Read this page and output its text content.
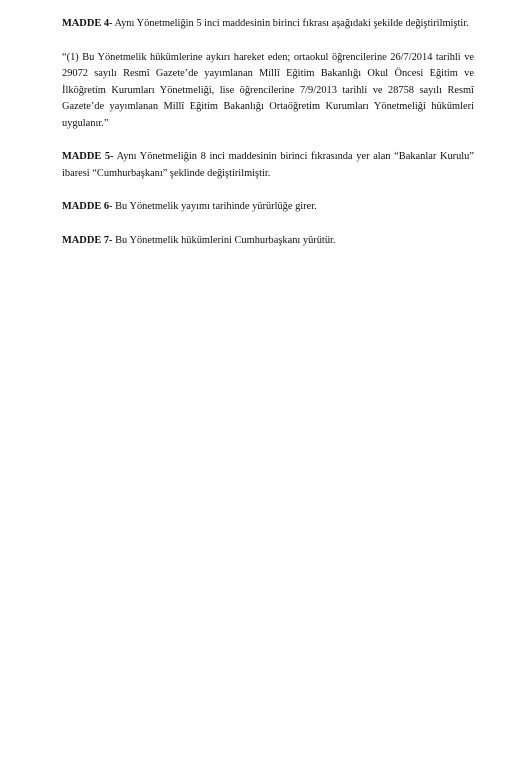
MADDE 4- Aynı Yönetmeliğin 5 inci maddesinin birinci fıkrası aşağıdaki şekilde değiştirilmiştir.

“(1) Bu Yönetmelik hükümlerine aykırı hareket eden; ortaokul öğrencilerine 26/7/2014 tarihli ve 29072 sayılı Resmî Gazete’de yayımlanan Millî Eğitim Bakanlığı Okul Öncesi Eğitim ve İlköğretim Kurumları Yönetmeliği, lise öğrencilerine 7/9/2013 tarihli ve 28758 sayılı Resmî Gazete’de yayımlanan Millî Eğitim Bakanlığı Ortaöğretim Kurumları Yönetmeliği hükümleri uygulanır.”

MADDE 5- Aynı Yönetmeliğin 8 inci maddesinin birinci fıkrasında yer alan “Bakanlar Kurulu” ibaresi “Cumhurbaşkanı” şeklinde değiştirilmiştir.

MADDE 6- Bu Yönetmelik yayımı tarihinde yürürlüğe girer.

MADDE 7- Bu Yönetmelik hükümlerini Cumhurbaşkanı yürütür.
